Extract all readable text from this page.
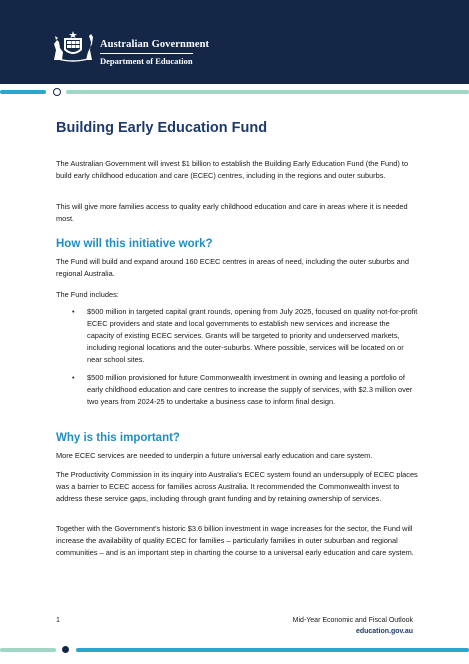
Australian Government
Department of Education
Building Early Education Fund

The Australian Government will invest $1 billion to establish the Building Early Education Fund (the Fund) to build early childhood education and care (ECEC) centres, including in the regions and outer suburbs.

This will give more families access to quality early childhood education and care in areas where it is needed most.

How will this initiative work?

The Fund will build and expand around 160 ECEC centres in areas of need, including the outer suburbs and regional Australia.

The Fund includes:

• $500 million in targeted capital grant rounds, opening from July 2025, focused on quality not-for-profit ECEC providers and state and local governments to establish new services and increase the capacity of existing ECEC services. Grants will be targeted to priority and underserved markets, including regional locations and the outer-suburbs. Where possible, services will be located on or near school sites.
• $500 million provisioned for future Commonwealth investment in owning and leasing a portfolio of early childhood education and care centres to increase the supply of services, with $2.3 million over two years from 2024-25 to undertake a business case to inform final design.
Why is this important?

More ECEC services are needed to underpin a future universal early education and care system.

The Productivity Commission in its inquiry into Australia’s ECEC system found an undersupply of ECEC places was a barrier to ECEC access for families across Australia. It recommended the Commonwealth invest to address these service gaps, including through grant funding and by retaining ownership of services.

Together with the Government’s historic $3.6 billion investment in wage increases for the sector, the Fund will increase the availability of quality ECEC for families – particularly families in outer suburban and regional communities – and is an important step in charting the course to a universal early education and care system.

1	Mid-Year Economic and Fiscal Outlook
education.gov.au
